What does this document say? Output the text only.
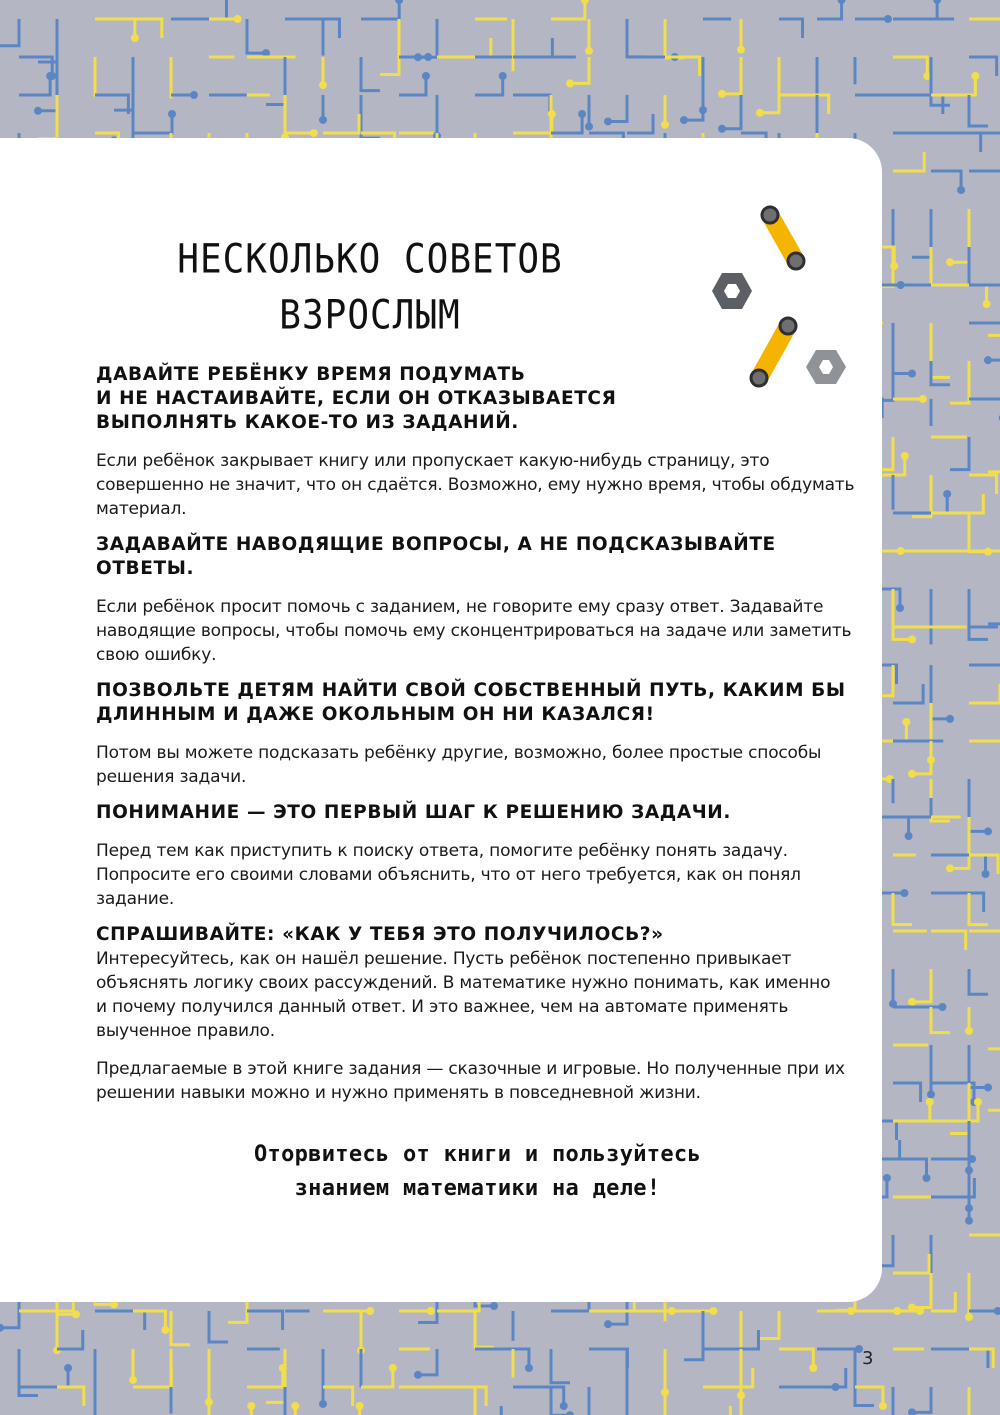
НЕСКОЛЬКО СОВЕТОВ
ВЗРОСЛЫМ
ДАВАЙТЕ РЕБЁНКУ ВРЕМЯ ПОДУМАТЬ
И НЕ НАСТАИВАЙТЕ, ЕСЛИ ОН ОТКАЗЫВАЕТСЯ
ВЫПОЛНЯТЬ КАКОЕ-ТО ИЗ ЗАДАНИЙ.

Если ребёнок закрывает книгу или пропускает какую-нибудь страницу, это
совершенно не значит, что он сдаётся. Возможно, ему нужно время, чтобы обдумать
материал.

ЗАДАВАЙТЕ НАВОДЯЩИЕ ВОПРОСЫ, А НЕ ПОДСКАЗЫВАЙТЕ ОТВЕТЫ.

Если ребёнок просит помочь с заданием, не говорите ему сразу ответ. Задавайте
наводящие вопросы, чтобы помочь ему сконцентрироваться на задаче или заметить
свою ошибку.

ПОЗВОЛЬТЕ ДЕТЯМ НАЙТИ СВОЙ СОБСТВЕННЫЙ ПУТЬ, КАКИМ БЫ
ДЛИННЫМ И ДАЖЕ ОКОЛЬНЫМ ОН НИ КАЗАЛСЯ!

Потом вы можете подсказать ребёнку другие, возможно, более простые способы
решения задачи.

ПОНИМАНИЕ — ЭТО ПЕРВЫЙ ШАГ К РЕШЕНИЮ ЗАДАЧИ.

Перед тем как приступить к поиску ответа, помогите ребёнку понять задачу.
Попросите его своими словами объяснить, что от него требуется, как он понял
задание.

СПРАШИВАЙТЕ: «КАК У ТЕБЯ ЭТО ПОЛУЧИЛОСЬ?»

Интересуйтесь, как он нашёл решение. Пусть ребёнок постепенно привыкает
объяснять логику своих рассуждений. В математике нужно понимать, как именно
и почему получился данный ответ. И это важнее, чем на автомате применять
выученное правило.

Предлагаемые в этой книге задания — сказочные и игровые. Но полученные при их
решении навыки можно и нужно применять в повседневной жизни.

Оторвитесь от книги и пользуйтесь
знанием математики на деле!
3
